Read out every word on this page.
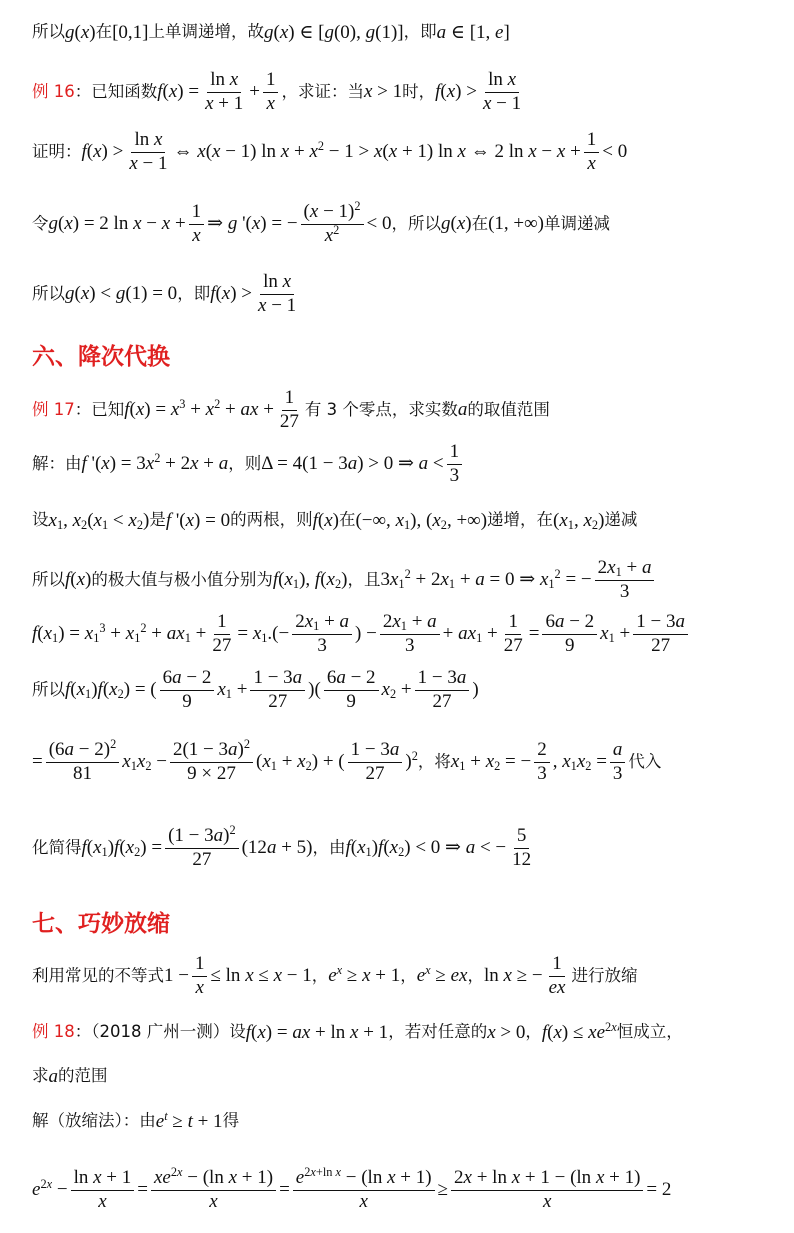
所以 g(x) 在 [0,1] 上单调递增，故 g(x) ∈ [g(0), g(1)] ，即 a ∈ [1, e]
例 16 ：已知函数 $f(x) = \frac{\text{ln x}}{x + 1} + \frac{1}{x}$ ，求证：当 x > 1 时， $f(x) > \frac{\text{ln x}}{x - 1}$
证明： $f(x) > \frac{\text{ln x}}{x - 1}$ ⇔ x(x − 1) $\ln x + x^2 - 1 > x(x + 1)$ ln x ⇔ 2 $\ln x - x + \frac{1}{x} < 0$
令 g(x) = 2 $\ln x - x + \frac{1}{x}$ ⇒ g '(x) = − $\frac{(x - 1)^2}{x^2} < 0$ ，所以 g(x) 在 (1, +∞) 单调递减
所以 g(x) < g(1) = 0 ，即 $f(x) > \frac{\text{ln x}}{x - 1}$
六、降次代换
例 17 ：已知 $f(x) = x^3 + x^2$ + ax + $\frac{1}{27}$ 有 3 个零点，求实数 a 的取值范围
解：由 f '$(x) = 3x^2 + 2x + a$ ，则 Δ = 4(1 − 3a) > 0 ⇒ $a < \frac{1}{3}$
设 $x_1$, $x_2(x_1 < x_2)$ 是 f '(x) = 0 的两根，则 f(x) 在 (−∞, $x_1$), ($x_2$, +∞) 递增，在 ($x_1$, $x_2$) 递减
所以 f(x) 的极大值与极小值分别为 $f(x_1)$, $f(x_2)$ ，且 $3x_1^2 + 2x_1 + a = 0$ ⇒ $x_1^2$ = − $\frac{2x_1 + a}{3}$
$f(x_1) = x_1^3 + x_1^2 + ax_1 + \frac{1}{27} = x_1.(- \frac{2x_1 + a}{3}$ ) − $\frac{2x_1 + a}{3} + ax_1 + \frac{1}{27} = \frac{6a - 2}{9} x_1 + \frac{1 - 3a}{27}$
所以 $f(x_1)f(x_2)$ = ( $\frac{6a - 2}{9} x_1 + \frac{1 - 3a}{27}$ )( $\frac{6a - 2}{9} x_2 + \frac{1 - 3a}{27}$ )
= $\frac{(6a - 2)^2}{81} x_1x_2 - \frac{2(1 - 3a)^2}{9 \times 27} (x_1 + x_2)$ + ( $\frac{1 - 3a}{27} )^2$ ，将 $x_1 + x_2$ = − $\frac{2}{3}$ , $x_1x_2 = \frac{a}{3}$ 代入
化简得 $f(x_1)f(x_2) = \frac{(1 - 3a)^2}{27} (12a + 5)$ ，由 $f(x_1)f(x_2) < 0$ ⇒ a < − $\frac{5}{12}$
七、巧妙放缩
利用常见的不等式 $1 - \frac{1}{x} \le \ln x \le x - 1$ ， $e^x \ge x + 1$ ， $e^x$ ≥ ex ， ln x ≥ − $\frac{1}{ex}$ 进行放缩
例 18 ：（2018 广州一测）设 f(x) = ax + ln x + 1 ，若对任意的 x > 0 ， $f(x) \le xe^{2x}$ 恒成立，
求 a 的范围
解（放缩法）：由 $e^t \ge t + 1$ 得
$e^{2x} - \frac{\text{ln x + 1}}{x} = \frac{xe^{2x} - (\ln x + 1)}{x} = \frac{e^{2x+ln x} - (\ln x + 1)}{x} \ge \frac{\text{2x + ln x + 1 − (ln x + 1)}}{x} = 2$
